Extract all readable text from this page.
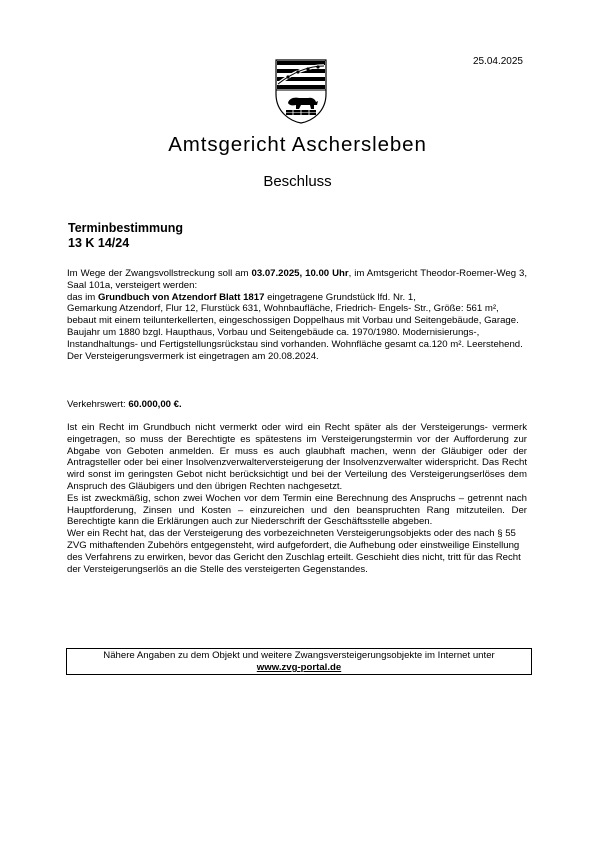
25.04.2025
Amtsgericht Aschersleben
Beschluss
Terminbestimmung
13 K 14/24

Im Wege der Zwangsvollstreckung soll am 03.07.2025, 10.00 Uhr, im Amtsgericht Theodor-Roemer-Weg 3, Saal 101a, versteigert werden:

das im Grundbuch von Atzendorf Blatt 1817 eingetragene Grundstück lfd. Nr. 1,

Gemarkung Atzendorf, Flur 12, Flurstück 631, Wohnbaufläche, Friedrich- Engels- Str., Größe: 561 m², bebaut mit einem teilunterkellerten, eingeschossigen Doppelhaus mit Vorbau und Seitengebäude, Garage. Baujahr um 1880 bzgl. Haupthaus, Vorbau und Seitengebäude ca. 1970/1980. Modernisierungs-, Instandhaltungs- und Fertigstellungsrückstau sind vorhanden. Wohnfläche gesamt ca.120 m². Leerstehend.

Der Versteigerungsvermerk ist eingetragen am 20.08.2024.

Verkehrswert: 60.000,00 €.

Ist ein Recht im Grundbuch nicht vermerkt oder wird ein Recht später als der Versteigerungs- vermerk eingetragen, so muss der Berechtigte es spätestens im Versteigerungstermin vor der Aufforderung zur Abgabe von Geboten anmelden. Er muss es auch glaubhaft machen, wenn der Gläubiger oder der Antragsteller oder bei einer Insolvenzverwalterversteigerung der Insolvenzverwalter widerspricht. Das Recht wird sonst im geringsten Gebot nicht berücksichtigt und bei der Verteilung des Versteigerungserlöses dem Anspruch des Gläubigers und den übrigen Rechten nachgesetzt.

Es ist zweckmäßig, schon zwei Wochen vor dem Termin eine Berechnung des Anspruchs – getrennt nach Hauptforderung, Zinsen und Kosten – einzureichen und den beanspruchten Rang mitzuteilen. Der Berechtigte kann die Erklärungen auch zur Niederschrift der Geschäftsstelle abgeben.

Wer ein Recht hat, das der Versteigerung des vorbezeichneten Versteigerungsobjekts oder des nach § 55 ZVG mithaftenden Zubehörs entgegensteht, wird aufgefordert, die Aufhebung oder einstweilige Einstellung des Verfahrens zu erwirken, bevor das Gericht den Zuschlag erteilt. Geschieht dies nicht, tritt für das Recht der Versteigerungserlös an die Stelle des versteigerten Gegenstandes.

Nähere Angaben zu dem Objekt und weitere Zwangsversteigerungsobjekte im Internet unter
www.zvg-portal.de
